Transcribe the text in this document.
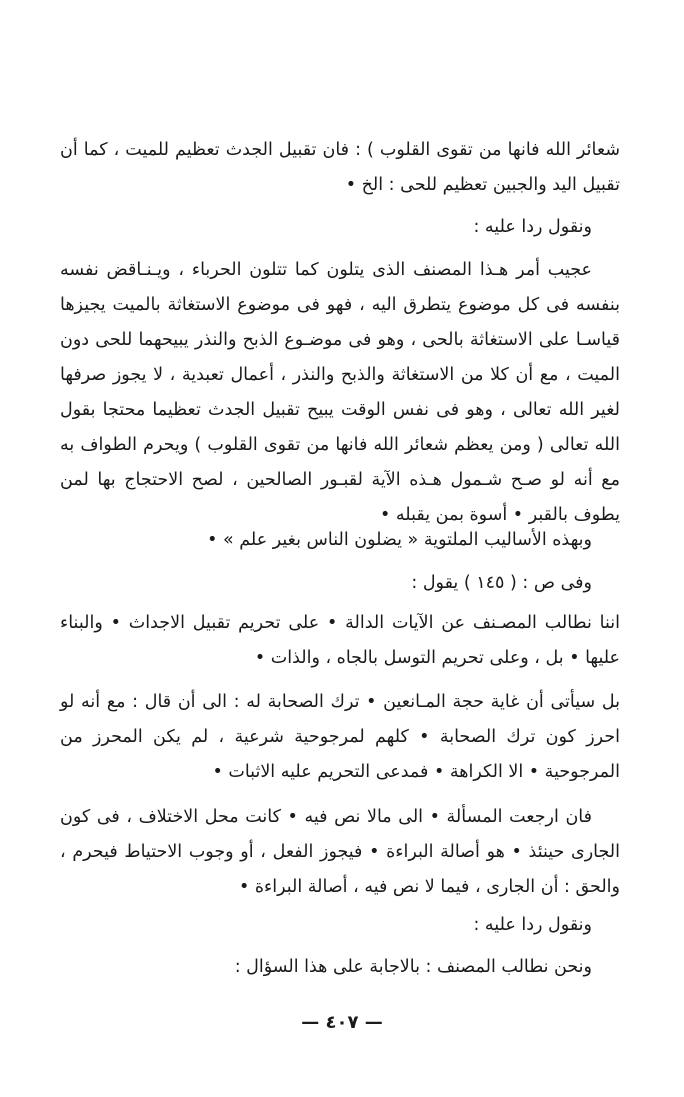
شعائر الله فانها من تقوى القلوب ) : فان تقبيل الجدث تعظيم للميت ، كما أن تقبيل اليد والجبين تعظيم للحى : الخ •

ونقول ردا عليه :

عجيب أمر هـذا المصنف الذى يتلون كما تتلون الحرباء ، ويـنـاقض نفسه بنفسه فى كل موضوع يتطرق اليه ، فهو فى موضوع الاستغاثة بالميت يجيزها قياسـا على الاستغاثة بالحى ، وهو فى موضـوع الذبح والنذر يبيحهما للحى دون الميت ، مع أن كلا من الاستغاثة والذبح والنذر ، أعمال تعبدية ، لا يجوز صرفها لغير الله تعالى ، وهو فى نفس الوقت يبيح تقبيل الجدث تعظيما محتجا بقول الله تعالى ( ومن يعظم شعائر الله فانها من تقوى القلوب ) ويحرم الطواف به مع أنه لو صـح شـمول هـذه الآية لقبـور الصالحين ، لصح الاحتجاج بها لمن يطوف بالقبر • أسوة بمن يقبله •

وبهذه الأساليب الملتوية « يضلون الناس بغير علم » •

وفى ص : ( ١٤٥ ) يقول :

اننا نطالب المصـنف عن الآيات الدالة • على تحريم تقبيل الاجداث • والبناء عليها • بل ، وعلى تحريم التوسل بالجاه ، والذات •

بل سيأتى أن غاية حجة المـانعين • ترك الصحابة له : الى أن قال : مع أنه لو احرز كون ترك الصحابة • كلهم لمرجوحية شرعية ، لم يكن المحرز من المرجوحية • الا الكراهة • فمدعى التحريم عليه الاثبات •

فان ارجعت المسألة • الى مالا نص فيه • كانت محل الاختلاف ، فى كون الجارى حينئذ • هو أصالة البراءة • فيجوز الفعل ، أو وجوب الاحتياط فيحرم ، والحق : أن الجارى ، فيما لا نص فيه ، أصالة البراءة •

ونقول ردا عليه :

ونحن نطالب المصنف : بالاجابة على هذا السؤال :

— ٤٠٧ —
